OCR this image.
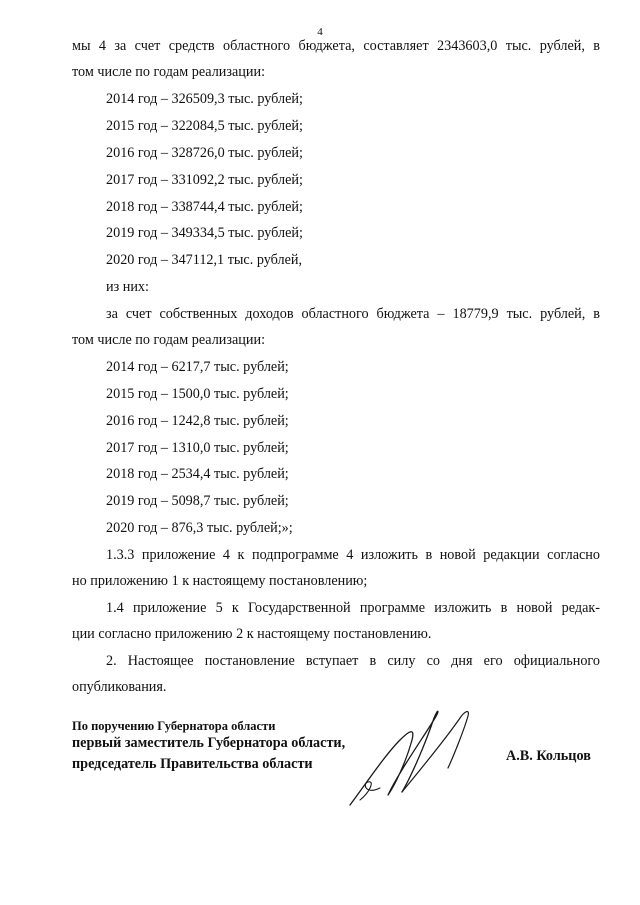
4
мы 4 за счет средств областного бюджета, составляет 2343603,0 тыс. рублей, в
том числе по годам реализации:
2014 год – 326509,3 тыс. рублей;
2015 год – 322084,5 тыс. рублей;
2016 год – 328726,0 тыс. рублей;
2017 год – 331092,2 тыс. рублей;
2018 год – 338744,4 тыс. рублей;
2019 год – 349334,5 тыс. рублей;
2020 год – 347112,1 тыс. рублей,
из них:
за счет собственных доходов областного бюджета – 18779,9 тыс. рублей, в
том числе по годам реализации:
2014 год – 6217,7 тыс. рублей;
2015 год – 1500,0 тыс. рублей;
2016 год – 1242,8 тыс. рублей;
2017 год – 1310,0 тыс. рублей;
2018 год – 2534,4 тыс. рублей;
2019 год – 5098,7 тыс. рублей;
2020 год – 876,3 тыс. рублей;»;
1.3.3 приложение 4 к подпрограмме 4 изложить в новой редакции согласно
но приложению 1 к настоящему постановлению;
1.4 приложение 5 к Государственной программе изложить в новой редак-
ции согласно приложению 2 к настоящему постановлению.
2. Настоящее постановление вступает в силу со дня его официального
опубликования.
По поручению Губернатора области
первый заместитель Губернатора области,
председатель Правительства области	А.В. Кольцов
